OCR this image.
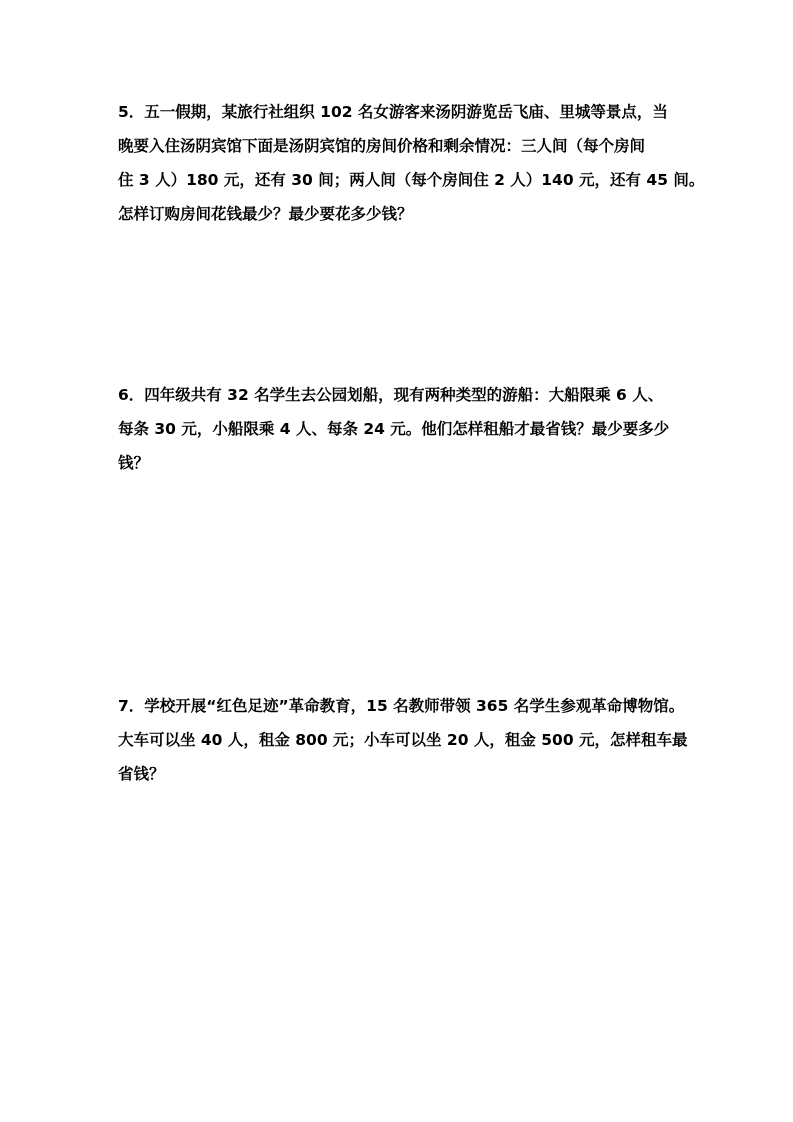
5．五一假期，某旅行社组织 102 名女游客来汤阴游览岳飞庙、里城等景点，当
晚要入住汤阴宾馆下面是汤阴宾馆的房间价格和剩余情况：三人间（每个房间
住 3 人）180 元，还有 30 间；两人间（每个房间住 2 人）140 元，还有 45 间。
怎样订购房间花钱最少？最少要花多少钱？
6．四年级共有 32 名学生去公园划船，现有两种类型的游船：大船限乘 6 人、
每条 30 元，小船限乘 4 人、每条 24 元。他们怎样租船才最省钱？最少要多少
钱？
7．学校开展“红色足迹”革命教育，15 名教师带领 365 名学生参观革命博物馆。
大车可以坐 40 人，租金 800 元；小车可以坐 20 人，租金 500 元，怎样租车最
省钱？
